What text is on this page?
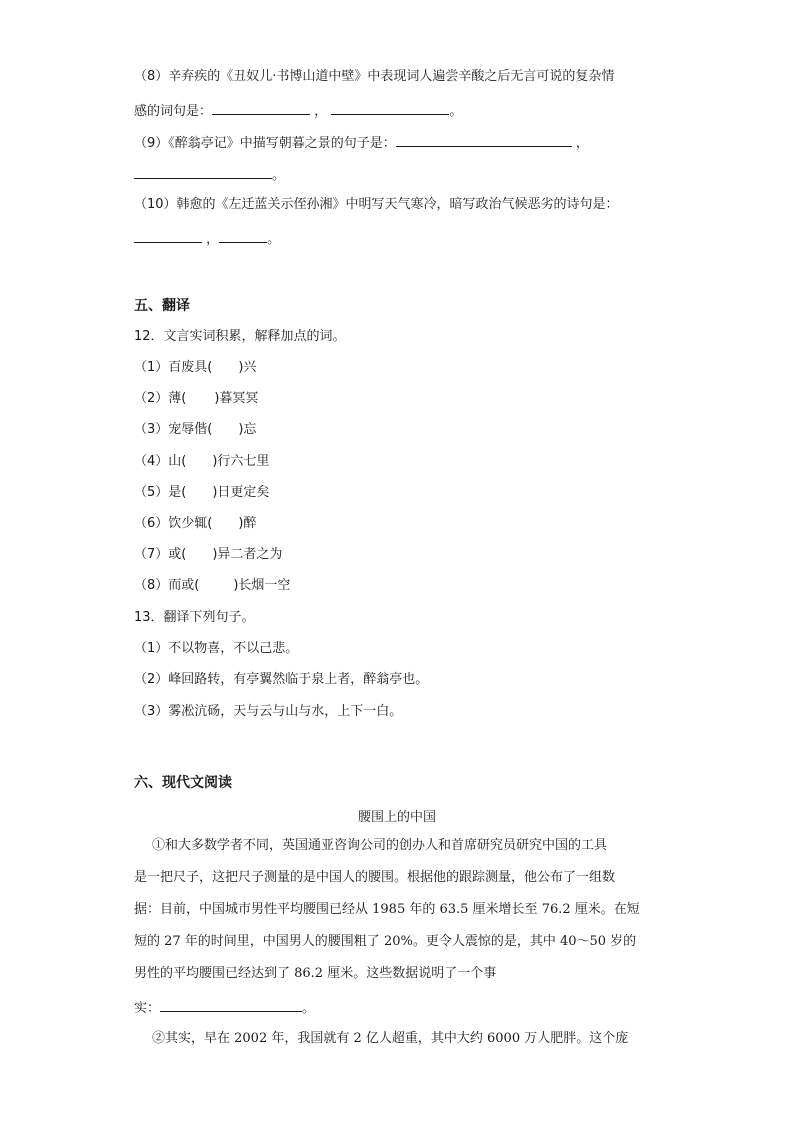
（8）辛弃疾的《丑奴儿·书博山道中壁》中表现词人遍尝辛酸之后无言可说的复杂情
感的词句是：	，	。
（9）《醉翁亭记》中描写朝暮之景的句子是：	，
。
（10）韩愈的《左迁蓝关示侄孙湘》中明写天气寒冷，暗写政治气候恶劣的诗句是：
，	。
五、翻译
12．文言实词积累，解释加点的词。
（1）百废具( )兴
（2）薄( )暮冥冥
（3）宠辱偕( )忘
（4）山( )行六七里
（5）是( )日更定矣
（6）饮少辄( )醉
（7）或( )异二者之为
（8）而或(	)长烟一空
13．翻译下列句子。
（1）不以物喜，不以己悲。
（2）峰回路转，有亭翼然临于泉上者，醉翁亭也。
（3）雾凇沆砀，天与云与山与水，上下一白。
六、现代文阅读
腰围上的中国
①和大多数学者不同，英国通亚咨询公司的创办人和首席研究员研究中国的工具
是一把尺子，这把尺子测量的是中国人的腰围。根据他的跟踪测量，他公布了一组数
据：目前，中国城市男性平均腰围已经从 1985 年的 63.5 厘米增长至 76.2 厘米。在短
短的 27 年的时间里，中国男人的腰围粗了 20%。更令人震惊的是，其中 40～50 岁的
男性的平均腰围已经达到了 86.2 厘米。这些数据说明了一个事
实：	。
②其实，早在 2002 年，我国就有 2 亿人超重，其中大约 6000 万人肥胖。这个庞
